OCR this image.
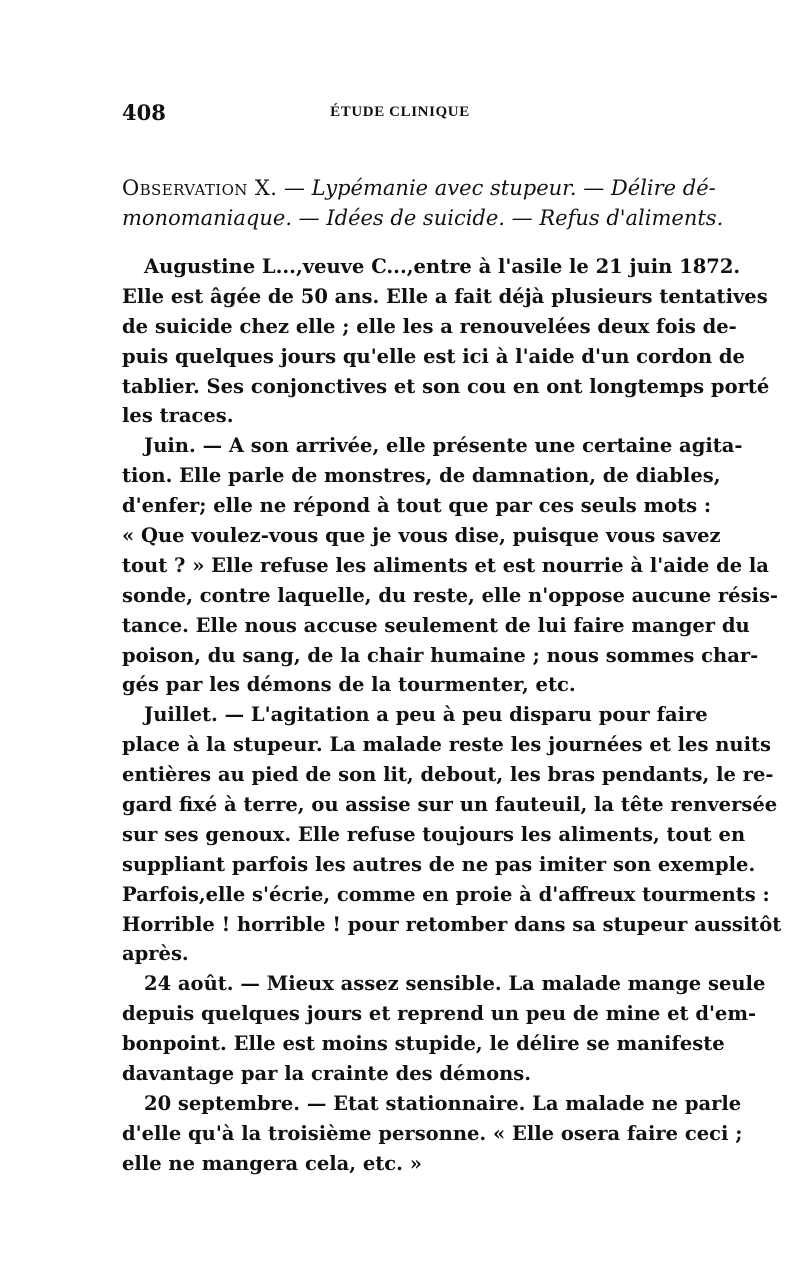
408	ÉTUDE CLINIQUE
Observation X. — Lypémanie avec stupeur. — Délire dé-
monomaniaque. — Idées de suicide. — Refus d'aliments.
Augustine L...,veuve C...,entre à l'asile le 21 juin 1872.
Elle est âgée de 50 ans. Elle a fait déjà plusieurs tentatives
de suicide chez elle ; elle les a renouvelées deux fois de-
puis quelques jours qu'elle est ici à l'aide d'un cordon de
tablier. Ses conjonctives et son cou en ont longtemps porté
les traces.
Juin. — A son arrivée, elle présente une certaine agita-
tion. Elle parle de monstres, de damnation, de diables,
d'enfer; elle ne répond à tout que par ces seuls mots :
« Que voulez-vous que je vous dise, puisque vous savez
tout ? » Elle refuse les aliments et est nourrie à l'aide de la
sonde, contre laquelle, du reste, elle n'oppose aucune résis-
tance. Elle nous accuse seulement de lui faire manger du
poison, du sang, de la chair humaine ; nous sommes char-
gés par les démons de la tourmenter, etc.
Juillet. — L'agitation a peu à peu disparu pour faire
place à la stupeur. La malade reste les journées et les nuits
entières au pied de son lit, debout, les bras pendants, le re-
gard fixé à terre, ou assise sur un fauteuil, la tête renversée
sur ses genoux. Elle refuse toujours les aliments, tout en
suppliant parfois les autres de ne pas imiter son exemple.
Parfois,elle s'écrie, comme en proie à d'affreux tourments :
Horrible ! horrible ! pour retomber dans sa stupeur aussitôt
après.
24 août. — Mieux assez sensible. La malade mange seule
depuis quelques jours et reprend un peu de mine et d'em-
bonpoint. Elle est moins stupide, le délire se manifeste
davantage par la crainte des démons.
20 septembre. — Etat stationnaire. La malade ne parle
d'elle qu'à la troisième personne. « Elle osera faire ceci ;
elle ne mangera cela, etc. »
